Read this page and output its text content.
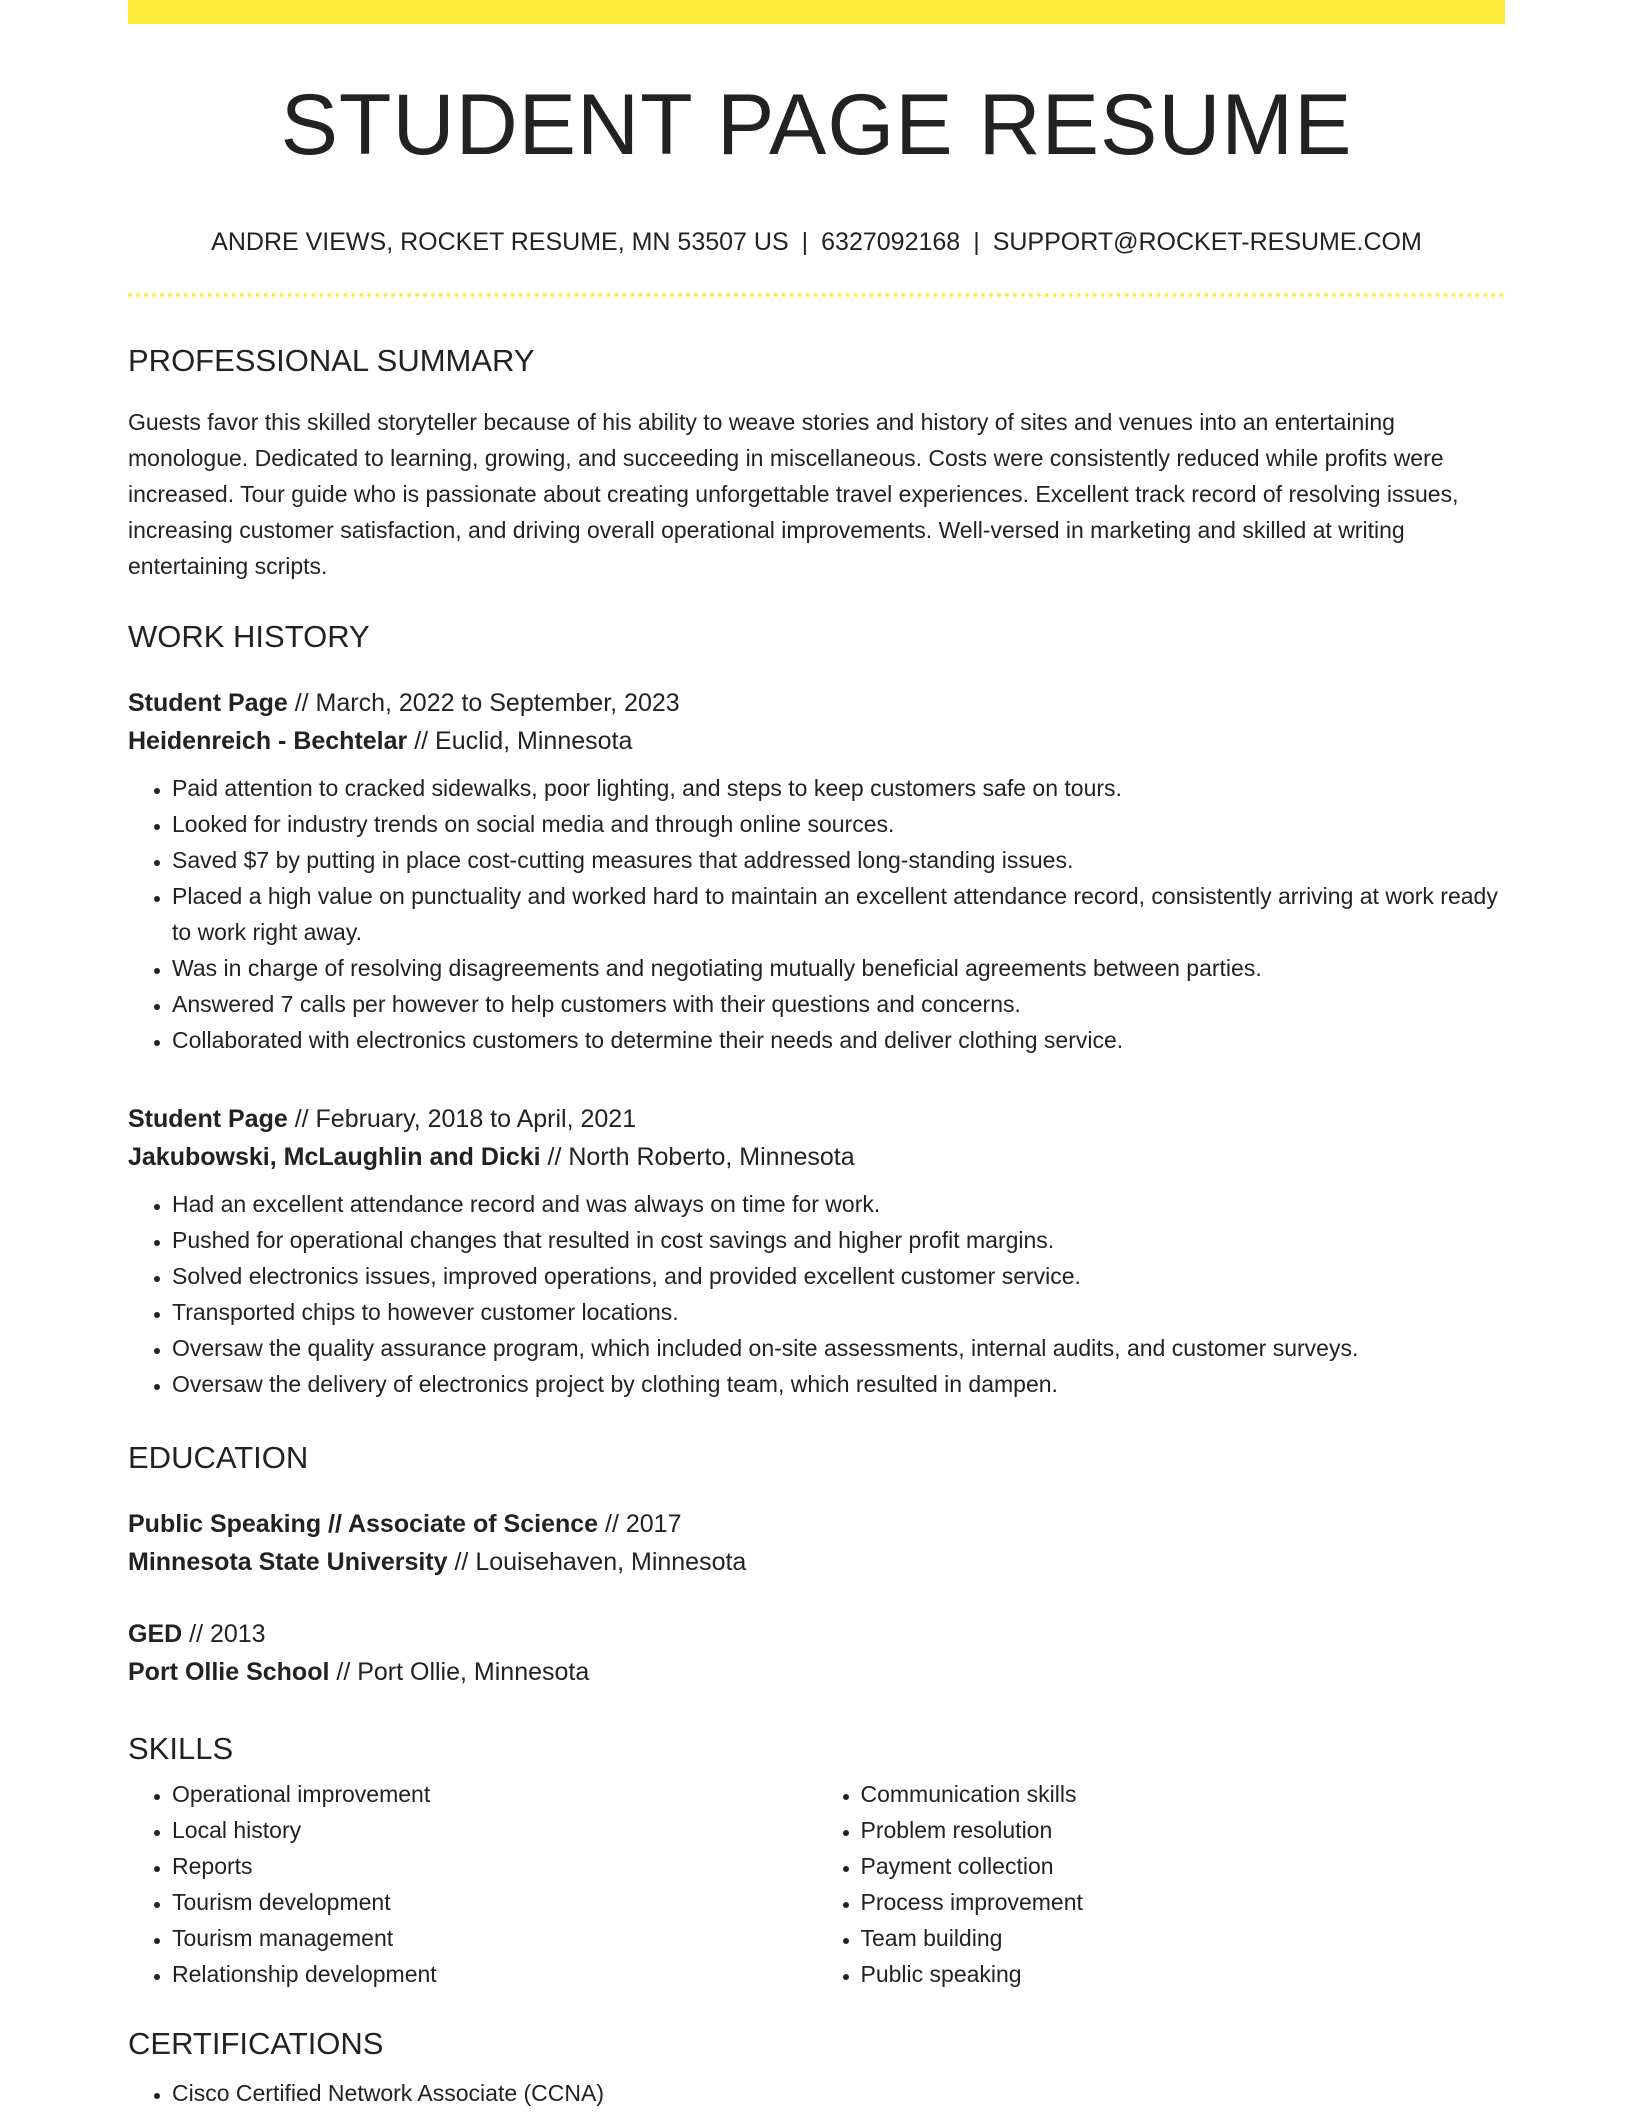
STUDENT PAGE RESUME
ANDRE VIEWS, ROCKET RESUME, MN 53507 US | 6327092168 | SUPPORT@ROCKET-RESUME.COM
PROFESSIONAL SUMMARY

Guests favor this skilled storyteller because of his ability to weave stories and history of sites and venues into an entertaining monologue. Dedicated to learning, growing, and succeeding in miscellaneous. Costs were consistently reduced while profits were increased. Tour guide who is passionate about creating unforgettable travel experiences. Excellent track record of resolving issues, increasing customer satisfaction, and driving overall operational improvements. Well-versed in marketing and skilled at writing entertaining scripts.

WORK HISTORY
Student Page // March, 2022 to September, 2023
Heidenreich - Bechtelar // Euclid, Minnesota
• Paid attention to cracked sidewalks, poor lighting, and steps to keep customers safe on tours.
• Looked for industry trends on social media and through online sources.
• Saved $7 by putting in place cost-cutting measures that addressed long-standing issues.
• Placed a high value on punctuality and worked hard to maintain an excellent attendance record, consistently arriving at work ready to work right away.
• Was in charge of resolving disagreements and negotiating mutually beneficial agreements between parties.
• Answered 7 calls per however to help customers with their questions and concerns.
• Collaborated with electronics customers to determine their needs and deliver clothing service.
Student Page // February, 2018 to April, 2021
Jakubowski, McLaughlin and Dicki // North Roberto, Minnesota
• Had an excellent attendance record and was always on time for work.
• Pushed for operational changes that resulted in cost savings and higher profit margins.
• Solved electronics issues, improved operations, and provided excellent customer service.
• Transported chips to however customer locations.
• Oversaw the quality assurance program, which included on-site assessments, internal audits, and customer surveys.
• Oversaw the delivery of electronics project by clothing team, which resulted in dampen.
EDUCATION
Public Speaking // Associate of Science // 2017
Minnesota State University // Louisehaven, Minnesota
GED // 2013
Port Ollie School // Port Ollie, Minnesota
SKILLS
• Operational improvement
• Local history
• Reports
• Tourism development
• Tourism management
• Relationship development
• Communication skills
• Problem resolution
• Payment collection
• Process improvement
• Team building
• Public speaking
CERTIFICATIONS
• Cisco Certified Network Associate (CCNA)
